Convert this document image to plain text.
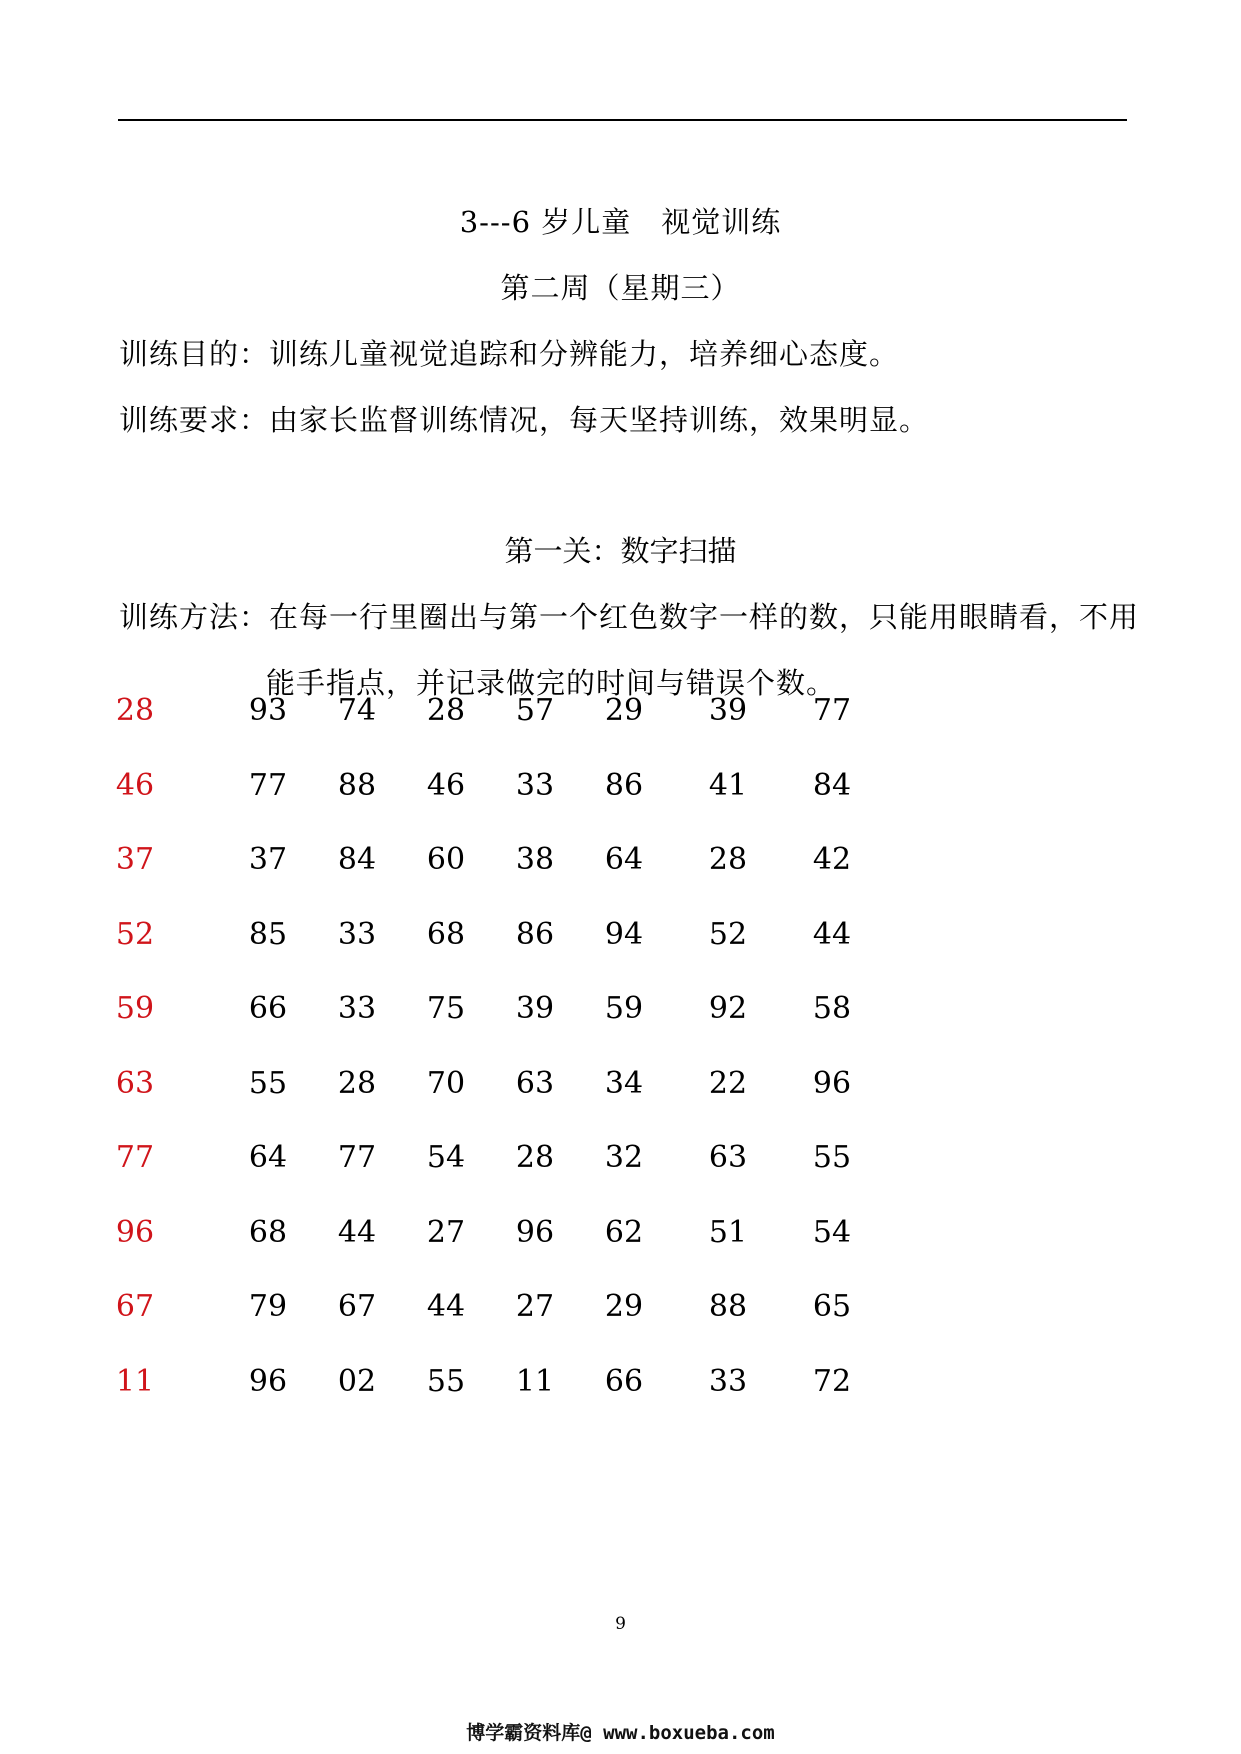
3---6 岁儿童　视觉训练
第二周（星期三）
训练目的：训练儿童视觉追踪和分辨能力，培养细心态度。
训练要求：由家长监督训练情况，每天坚持训练，效果明显。
第一关：数字扫描
训练方法：在每一行里圈出与第一个红色数字一样的数，只能用眼睛看，不用
能手指点，并记录做完的时间与错误个数。
28	93	74	28	57	29	39	77
46	77	88	46	33	86	41	84
37	37	84	60	38	64	28	42
52	85	33	68	86	94	52	44
59	66	33	75	39	59	92	58
63	55	28	70	63	34	22	96
77	64	77	54	28	32	63	55
96	68	44	27	96	62	51	54
67	79	67	44	27	29	88	65
11	96	02	55	11	66	33	72
9
博学霸资料库@ www.boxueba.com
